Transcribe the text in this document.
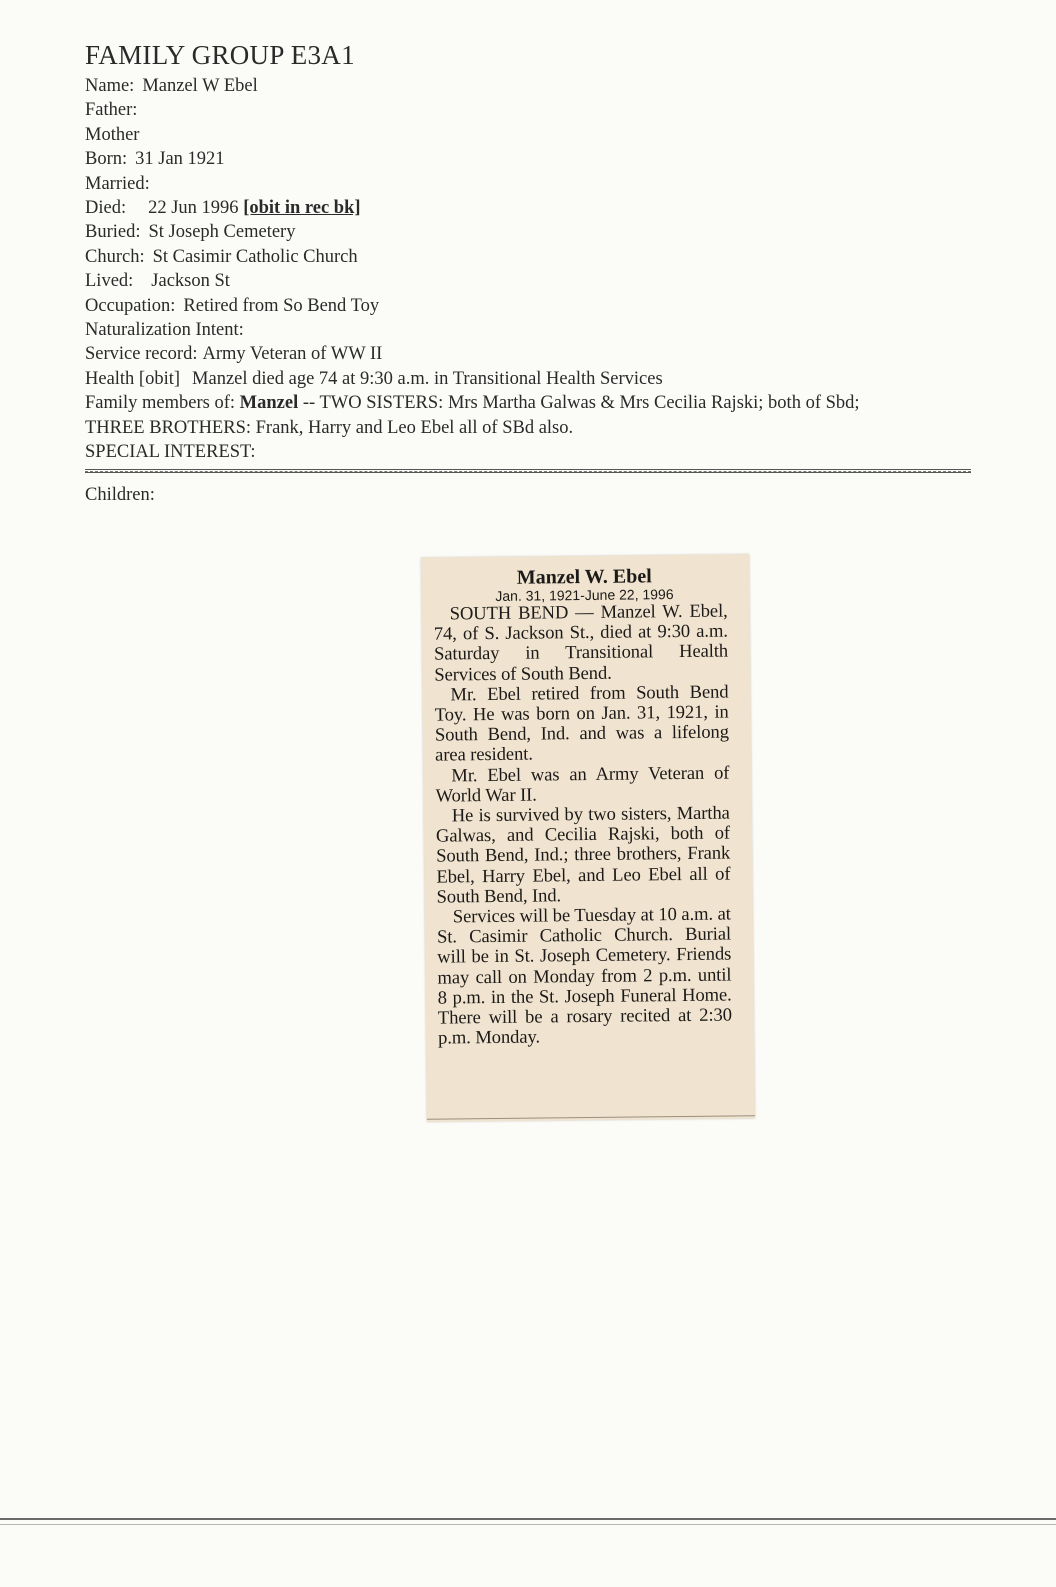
FAMILY GROUP E3A1
Name: Manzel W Ebel
Father:
Mother
Born: 31 Jan 1921
Married:
Died: 22 Jun 1996 [obit in rec bk]
Buried: St Joseph Cemetery
Church: St Casimir Catholic Church
Lived: Jackson St
Occupation: Retired from So Bend Toy
Naturalization Intent:
Service record: Army Veteran of WW II
Health [obit] Manzel died age 74 at 9:30 a.m. in Transitional Health Services
Family members of: Manzel -- TWO SISTERS: Mrs Martha Galwas & Mrs Cecilia Rajski; both of Sbd;
THREE BROTHERS: Frank, Harry and Leo Ebel all of SBd also.
SPECIAL INTEREST:
Children:
Manzel W. Ebel
Jan. 31, 1921-June 22, 1996

SOUTH BEND — Manzel W. Ebel, 74, of S. Jackson St., died at 9:30 a.m. Saturday in Transitional Health Services of South Bend.

Mr. Ebel retired from South Bend Toy. He was born on Jan. 31, 1921, in South Bend, Ind. and was a lifelong area resident.

Mr. Ebel was an Army Veteran of World War II.

He is survived by two sisters, Martha Galwas, and Cecilia Rajski, both of South Bend, Ind.; three brothers, Frank Ebel, Harry Ebel, and Leo Ebel all of South Bend, Ind.

Services will be Tuesday at 10 a.m. at St. Casimir Catholic Church. Burial will be in St. Joseph Cemetery. Friends may call on Monday from 2 p.m. until 8 p.m. in the St. Joseph Funeral Home. There will be a rosary recited at 2:30 p.m. Monday.
